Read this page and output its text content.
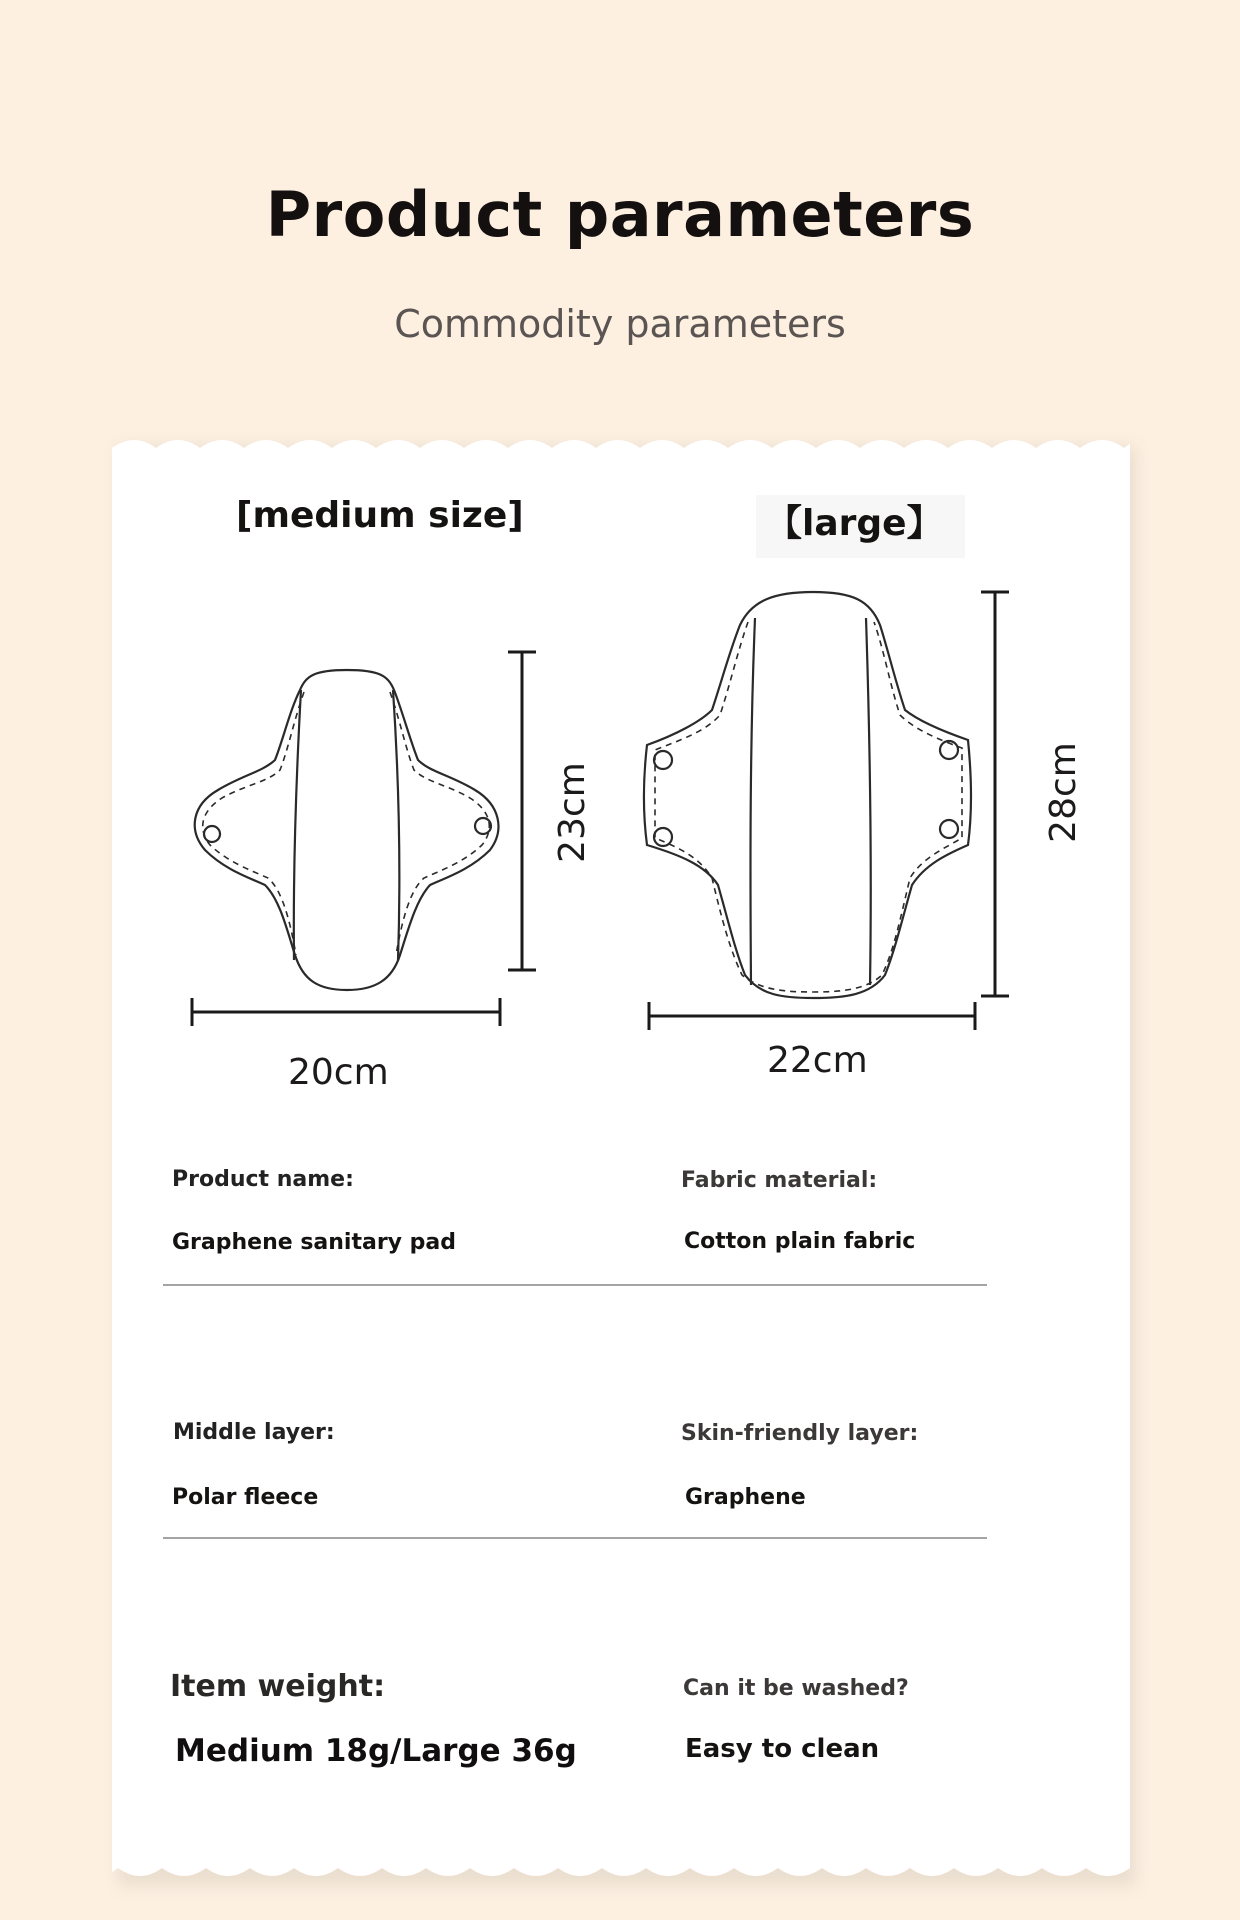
Product parameters

Commodity parameters

[medium size]	【large】
20cm
23cm
22cm
28cm
Product name:
Graphene sanitary pad
Fabric material:
Cotton plain fabric
Middle layer:
Polar fleece
Skin-friendly layer:
Graphene
Item weight:
Medium 18g/Large 36g
Can it be washed?
Easy to clean
